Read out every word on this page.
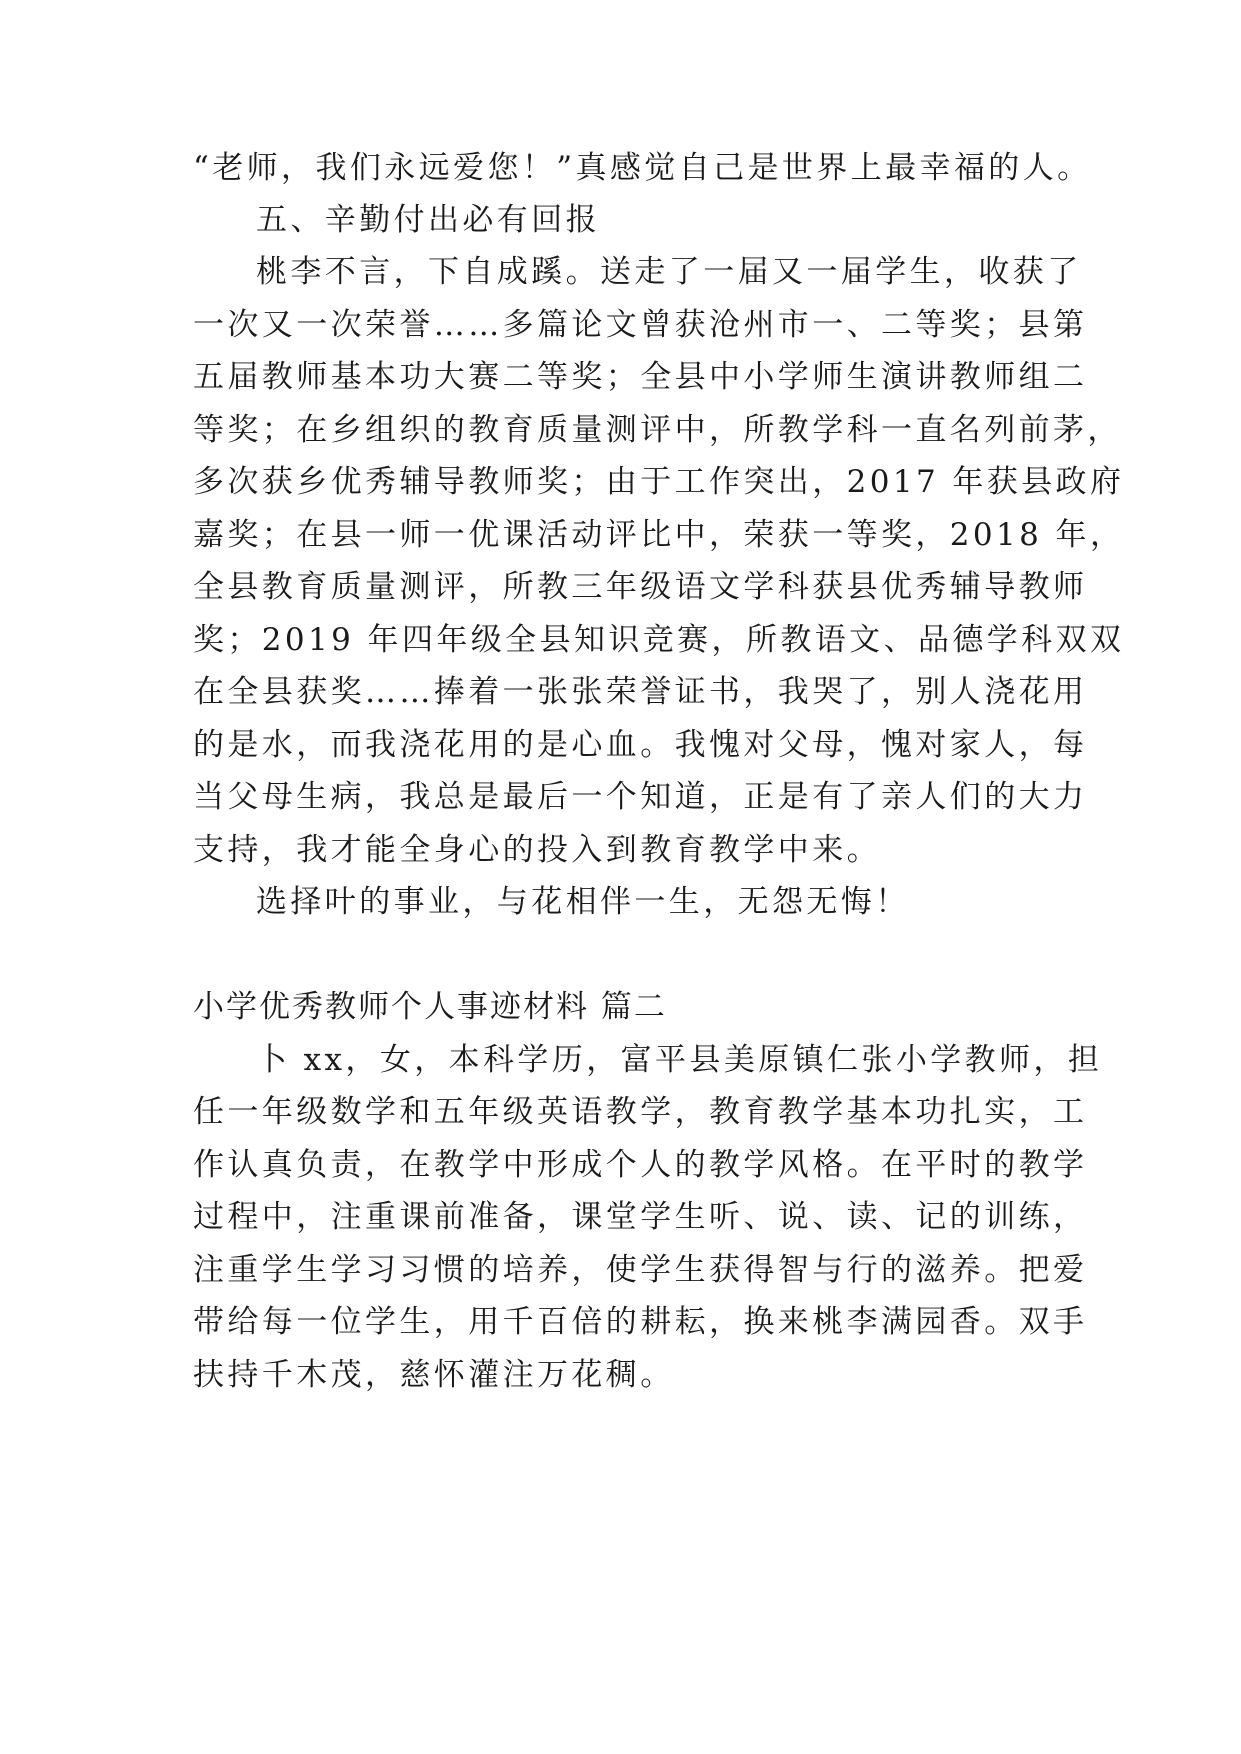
“老师，我们永远爱您！”真感觉自己是世界上最幸福的人。
五、辛勤付出必有回报
桃李不言，下自成蹊。送走了一届又一届学生，收获了
一次又一次荣誉……多篇论文曾获沧州市一、二等奖；县第
五届教师基本功大赛二等奖；全县中小学师生演讲教师组二
等奖；在乡组织的教育质量测评中，所教学科一直名列前茅，
多次获乡优秀辅导教师奖；由于工作突出，2017 年获县政府
嘉奖；在县一师一优课活动评比中，荣获一等奖，2018 年，
全县教育质量测评，所教三年级语文学科获县优秀辅导教师
奖；2019 年四年级全县知识竞赛，所教语文、品德学科双双
在全县获奖……捧着一张张荣誉证书，我哭了，别人浇花用
的是水，而我浇花用的是心血。我愧对父母，愧对家人，每
当父母生病，我总是最后一个知道，正是有了亲人们的大力
支持，我才能全身心的投入到教育教学中来。
选择叶的事业，与花相伴一生，无怨无悔！
小学优秀教师个人事迹材料 篇二
卜 xx，女，本科学历，富平县美原镇仁张小学教师，担
任一年级数学和五年级英语教学，教育教学基本功扎实，工
作认真负责，在教学中形成个人的教学风格。在平时的教学
过程中，注重课前准备，课堂学生听、说、读、记的训练，
注重学生学习习惯的培养，使学生获得智与行的滋养。把爱
带给每一位学生，用千百倍的耕耘，换来桃李满园香。双手
扶持千木茂，慈怀灌注万花稠。
